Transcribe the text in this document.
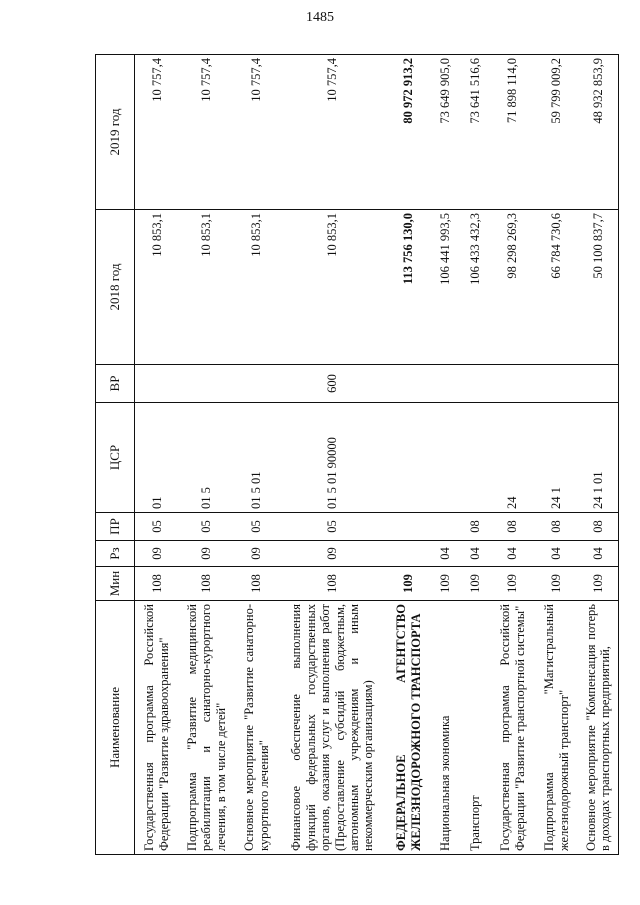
1485
Наименование	Мин	Рз	ПР	ЦСР	ВР	2018 год	2019 год
Государственная программа Российской Федерации "Развитие здравоохранения"	108	09	05	01		10 853,1	10 757,4
Подпрограмма "Развитие медицинской реабилитации и санаторно-курортного лечения, в том числе детей"	108	09	05	01 5		10 853,1	10 757,4
Основное мероприятие "Развитие санаторно-курортного лечения"	108	09	05	01 5 01		10 853,1	10 757,4
Финансовое обеспечение выполнения функций федеральных государственных органов, оказания услуг и выполнения работ (Предоставление субсидий бюджетным, автономным учреждениям и иным некоммерческим организациям)	108	09	05	01 5 01 90000	600	10 853,1	10 757,4
ФЕДЕРАЛЬНОЕ АГЕНТСТВО ЖЕЛЕЗНОДОРОЖНОГО ТРАНСПОРТА	109					113 756 130,0	80 972 913,2
Национальная экономика	109	04				106 441 993,5	73 649 905,0
Транспорт	109	04	08			106 433 432,3	73 641 516,6
Государственная программа Российской Федерации "Развитие транспортной системы"	109	04	08	24		98 298 269,3	71 898 114,0
Подпрограмма "Магистральный железнодорожный транспорт"	109	04	08	24 1		66 784 730,6	59 799 009,2
Основное мероприятие "Компенсация потерь в доходах транспортных предприятий,	109	04	08	24 1 01		50 100 837,7	48 932 853,9
